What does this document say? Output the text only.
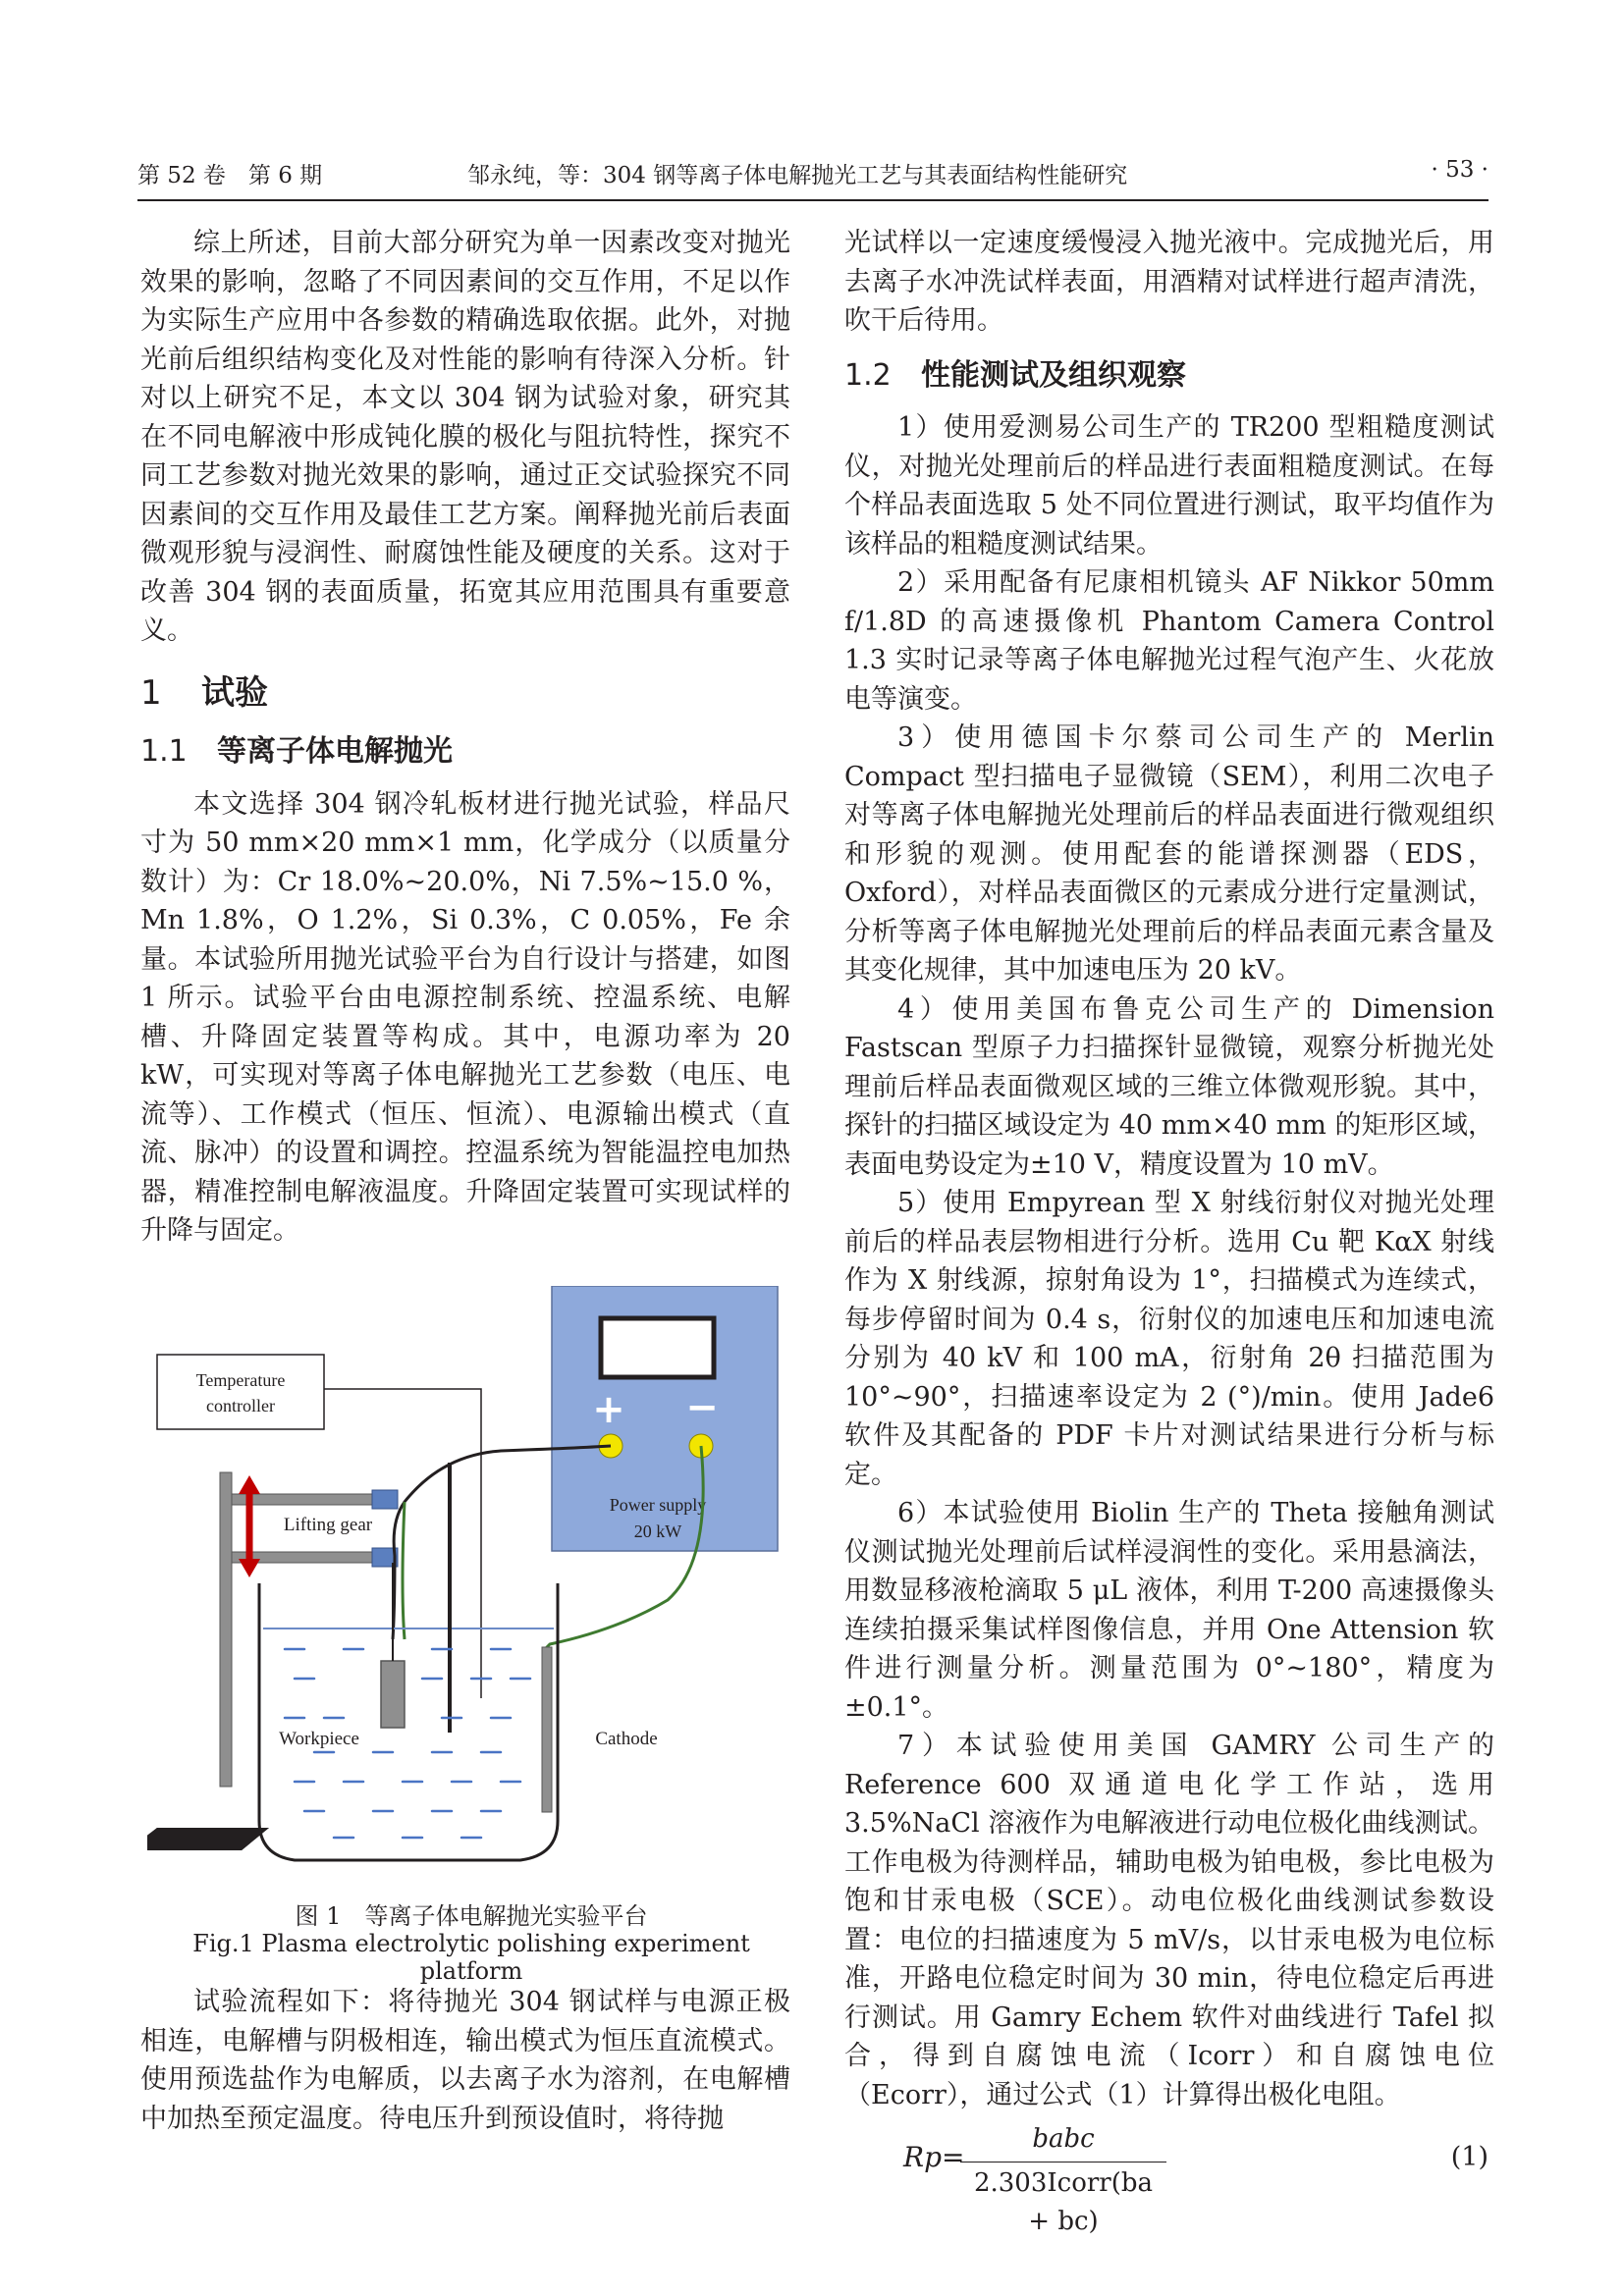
第 52 卷　第 6 期	邹永纯，等：304 钢等离子体电解抛光工艺与其表面结构性能研究	· 53 ·

综上所述，目前大部分研究为单一因素改变对抛光效果的影响，忽略了不同因素间的交互作用，不足以作为实际生产应用中各参数的精确选取依据。此外，对抛光前后组织结构变化及对性能的影响有待深入分析。针对以上研究不足，本文以 304 钢为试验对象，研究其在不同电解液中形成钝化膜的极化与阻抗特性，探究不同工艺参数对抛光效果的影响，通过正交试验探究不同因素间的交互作用及最佳工艺方案。阐释抛光前后表面微观形貌与浸润性、耐腐蚀性能及硬度的关系。这对于改善 304 钢的表面质量，拓宽其应用范围具有重要意义。

1 试验
1.1 等离子体电解抛光

本文选择 304 钢冷轧板材进行抛光试验，样品尺寸为 50 mm×20 mm×1 mm，化学成分（以质量分数计）为：Cr 18.0%~20.0%，Ni 7.5%~15.0 %，Mn 1.8%，O 1.2%，Si 0.3%，C 0.05%，Fe 余量。本试验所用抛光试验平台为自行设计与搭建，如图 1 所示。试验平台由电源控制系统、控温系统、电解槽、升降固定装置等构成。其中，电源功率为 20 kW，可实现对等离子体电解抛光工艺参数（电压、电流等）、工作模式（恒压、恒流）、电源输出模式（直流、脉冲）的设置和调控。控温系统为智能温控电加热器，精准控制电解液温度。升降固定装置可实现试样的升降与固定。

+ −
Power supply
20 kW
Temperature
controller
Lifting gear
Workpiece	Cathode
图 1　等离子体电解抛光实验平台
Fig.1 Plasma electrolytic polishing experiment platform

试验流程如下：将待抛光 304 钢试样与电源正极相连，电解槽与阴极相连，输出模式为恒压直流模式。使用预选盐作为电解质，以去离子水为溶剂，在电解槽中加热至预定温度。待电压升到预设值时，将待抛

光试样以一定速度缓慢浸入抛光液中。完成抛光后，用去离子水冲洗试样表面，用酒精对试样进行超声清洗，吹干后待用。

1.2 性能测试及组织观察

1）使用爱测易公司生产的 TR200 型粗糙度测试仪，对抛光处理前后的样品进行表面粗糙度测试。在每个样品表面选取 5 处不同位置进行测试，取平均值作为该样品的粗糙度测试结果。

2）采用配备有尼康相机镜头 AF Nikkor 50mm f/1.8D 的高速摄像机 Phantom Camera Control 1.3 实时记录等离子体电解抛光过程气泡产生、火花放电等演变。

3）使用德国卡尔蔡司公司生产的 Merlin Compact 型扫描电子显微镜（SEM），利用二次电子对等离子体电解抛光处理前后的样品表面进行微观组织和形貌的观测。使用配套的能谱探测器（EDS，Oxford），对样品表面微区的元素成分进行定量测试，分析等离子体电解抛光处理前后的样品表面元素含量及其变化规律，其中加速电压为 20 kV。

4）使用美国布鲁克公司生产的 Dimension Fastscan 型原子力扫描探针显微镜，观察分析抛光处理前后样品表面微观区域的三维立体微观形貌。其中，探针的扫描区域设定为 40 mm×40 mm 的矩形区域，表面电势设定为±10 V，精度设置为 10 mV。

5）使用 Empyrean 型 X 射线衍射仪对抛光处理前后的样品表层物相进行分析。选用 Cu 靶 KαX 射线作为 X 射线源，掠射角设为 1°，扫描模式为连续式，每步停留时间为 0.4 s，衍射仪的加速电压和加速电流分别为 40 kV 和 100 mA，衍射角 2θ 扫描范围为 10°~90°，扫描速率设定为 2 (°)/min。使用 Jade6 软件及其配备的 PDF 卡片对测试结果进行分析与标定。

6）本试验使用 Biolin 生产的 Theta 接触角测试仪测试抛光处理前后试样浸润性的变化。采用悬滴法，用数显移液枪滴取 5 μL 液体，利用 T-200 高速摄像头连续拍摄采集试样图像信息，并用 One Attension 软件进行测量分析。测量范围为 0°~180°，精度为±0.1°。

7）本试验使用美国 GAMRY 公司生产的 Reference 600 双通道电化学工作站，选用 3.5%NaCl 溶液作为电解液进行动电位极化曲线测试。工作电极为待测样品，辅助电极为铂电极，参比电极为饱和甘汞电极（SCE）。动电位极化曲线测试参数设置：电位的扫描速度为 5 mV/s，以甘汞电极为电位标准，开路电位稳定时间为 30 min，待电位稳定后再进行测试。用 Gamry Echem 软件对曲线进行 Tafel 拟合，得到自腐蚀电流（Icorr）和自腐蚀电位（Ecorr），通过公式（1）计算得出极化电阻。

Rp=
babc
2.303Icorr(ba + bc)
(1)
